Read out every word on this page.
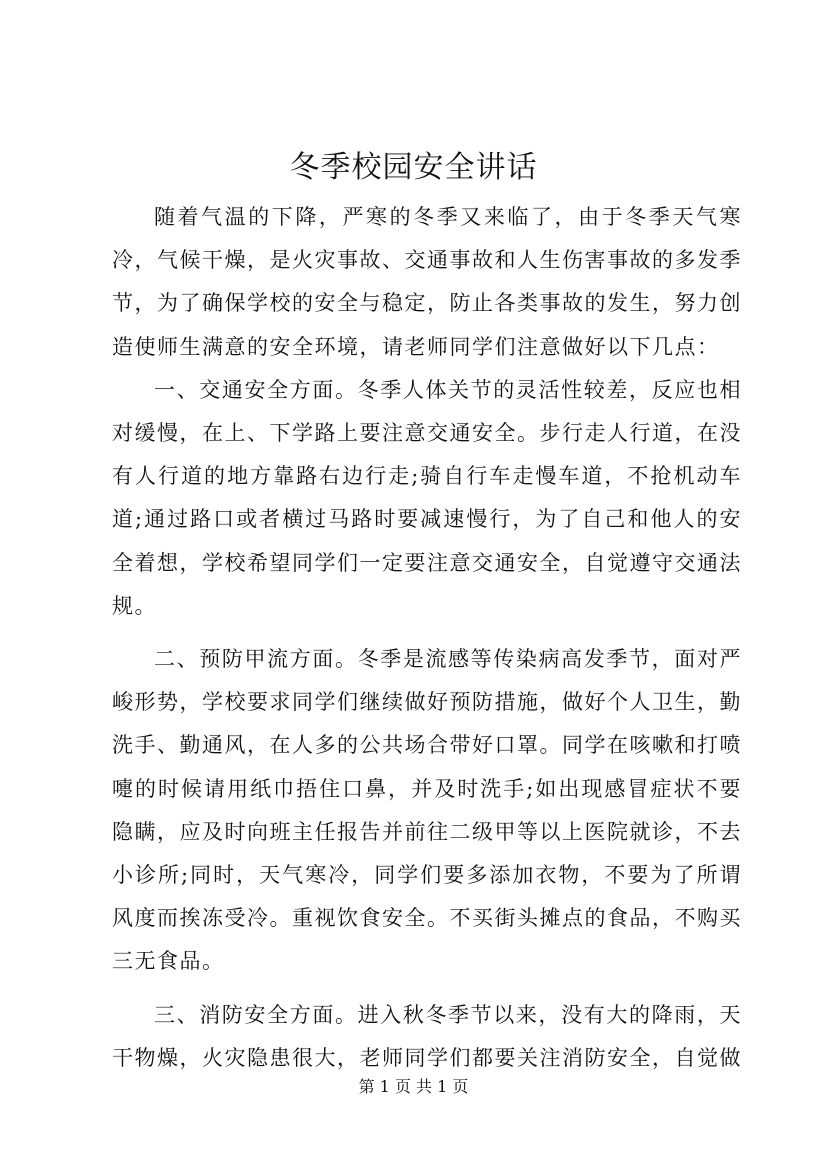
冬季校园安全讲话

随着气温的下降，严寒的冬季又来临了，由于冬季天气寒冷，气候干燥，是火灾事故、交通事故和人生伤害事故的多发季节，为了确保学校的安全与稳定，防止各类事故的发生，努力创造使师生满意的安全环境，请老师同学们注意做好以下几点：

一、交通安全方面。冬季人体关节的灵活性较差，反应也相对缓慢，在上、下学路上要注意交通安全。步行走人行道，在没有人行道的地方靠路右边行走;骑自行车走慢车道，不抢机动车道;通过路口或者横过马路时要减速慢行，为了自己和他人的安全着想，学校希望同学们一定要注意交通安全，自觉遵守交通法规。

二、预防甲流方面。冬季是流感等传染病高发季节，面对严峻形势，学校要求同学们继续做好预防措施，做好个人卫生，勤洗手、勤通风，在人多的公共场合带好口罩。同学在咳嗽和打喷嚏的时候请用纸巾捂住口鼻，并及时洗手;如出现感冒症状不要隐瞒，应及时向班主任报告并前往二级甲等以上医院就诊，不去小诊所;同时，天气寒冷，同学们要多添加衣物，不要为了所谓风度而挨冻受冷。重视饮食安全。不买街头摊点的食品，不购买三无食品。

三、消防安全方面。进入秋冬季节以来，没有大的降雨，天干物燥，火灾隐患很大，老师同学们都要关注消防安全，自觉做

第 1 页 共 1 页
